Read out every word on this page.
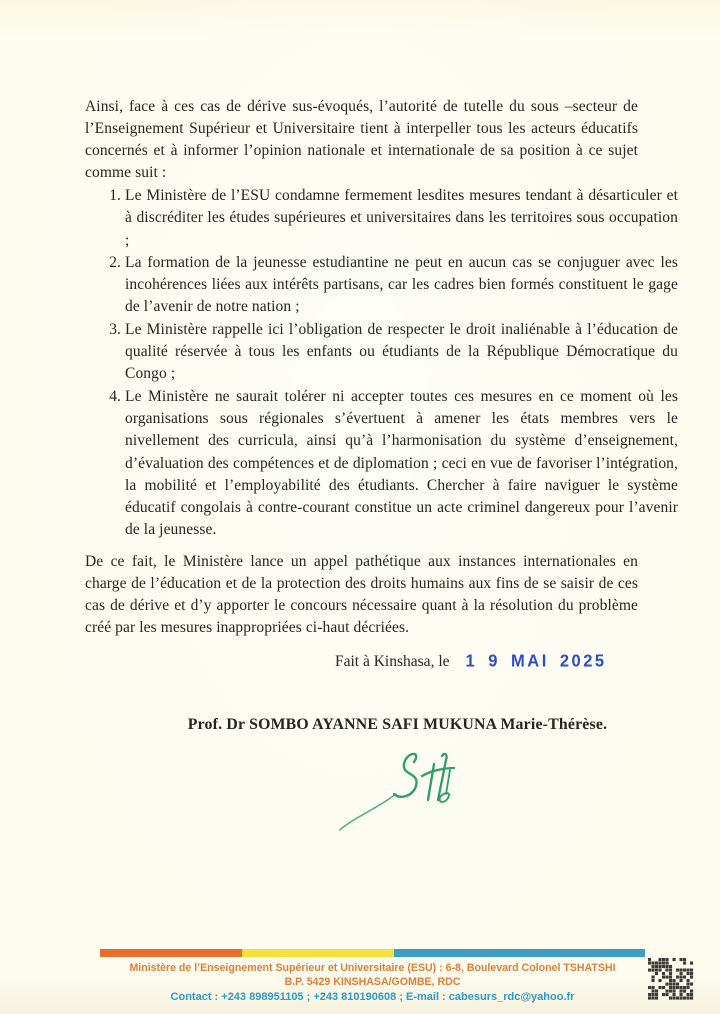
Ainsi, face à ces cas de dérive sus-évoqués, l’autorité de tutelle du sous –secteur de l’Enseignement Supérieur et Universitaire tient à interpeller tous les acteurs éducatifs concernés et à informer l’opinion nationale et internationale de sa position à ce sujet comme suit :

1. Le Ministère de l’ESU condamne fermement lesdites mesures tendant à désarticuler et à discréditer les études supérieures et universitaires dans les territoires sous occupation ;
2. La formation de la jeunesse estudiantine ne peut en aucun cas se conjuguer avec les incohérences liées aux intérêts partisans, car les cadres bien formés constituent le gage de l’avenir de notre nation ;
3. Le Ministère rappelle ici l’obligation de respecter le droit inaliénable à l’éducation de qualité réservée à tous les enfants ou étudiants de la République Démocratique du Congo ;
4. Le Ministère ne saurait tolérer ni accepter toutes ces mesures en ce moment où les organisations sous régionales s’évertuent à amener les états membres vers le nivellement des curricula, ainsi qu’à l’harmonisation du système d’enseignement, d’évaluation des compétences et de diplomation ; ceci en vue de favoriser l’intégration, la mobilité et l’employabilité des étudiants. Chercher à faire naviguer le système éducatif congolais à contre-courant constitue un acte criminel dangereux pour l’avenir de la jeunesse.

De ce fait, le Ministère lance un appel pathétique aux instances internationales en charge de l’éducation et de la protection des droits humains aux fins de se saisir de ces cas de dérive et d’y apporter le concours nécessaire quant à la résolution du problème créé par les mesures inappropriées ci-haut décriées.

Fait à Kinshasa, le 1 9 MAI 2025
Prof. Dr SOMBO AYANNE SAFI MUKUNA Marie-Thérèse.
Ministère de l’Enseignement Supérieur et Universitaire (ESU) : 6-8, Boulevard Colonel TSHATSHI
B.P. 5429 KINSHASA/GOMBE, RDC
Contact : +243 898951105 ; +243 810190608 ; E-mail : cabesurs_rdc@yahoo.fr
